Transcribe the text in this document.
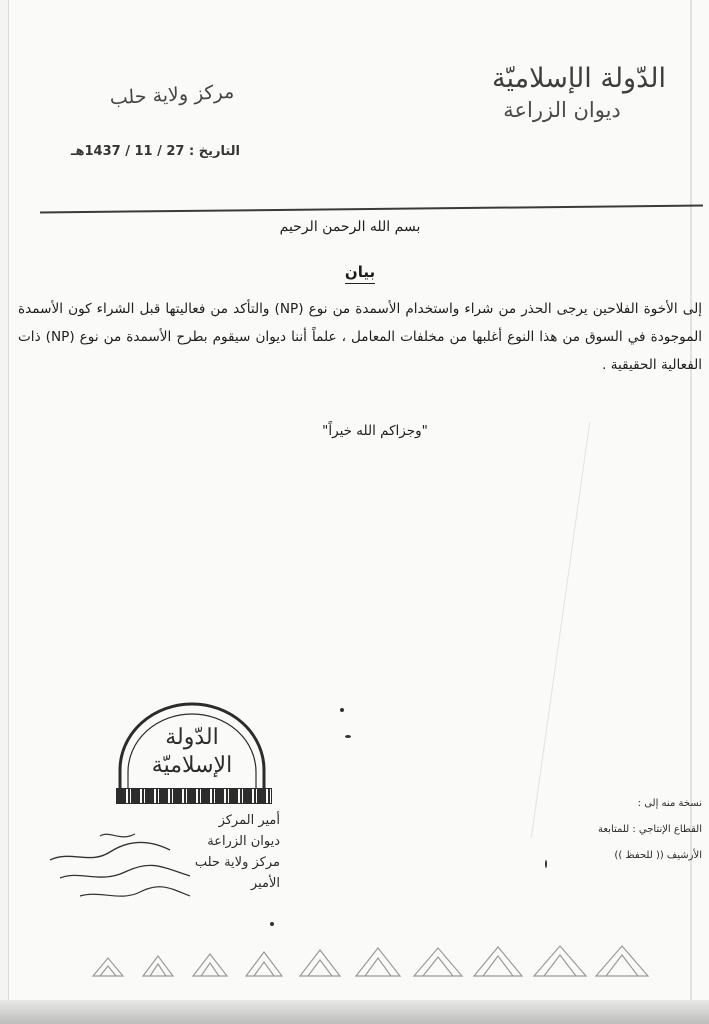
الدّولة الإسلاميّة
ديوان الزراعة
مركز ولاية حلب
التاريخ : 27 / 11 / 1437هـ
بسم الله الرحمن الرحيم
بيان
إلى الأخوة الفلاحين يرجى الحذر من شراء واستخدام الأسمدة من نوع (NP) والتأكد من فعاليتها قبل الشراء كون الأسمدة الموجودة في السوق من هذا النوع أغلبها من مخلفات المعامل ، علماً أننا ديوان سيقوم بطرح الأسمدة من نوع (NP) ذات الفعالية الحقيقية .
"وجزاكم الله خيراً"
الدّولة
الإسلاميّة
أمير المركز
ديوان الزراعة
مركز ولاية حلب
الأمير
نسخة منه إلى :
القطاع الإنتاجي : للمتابعة
الأرشيف (( للحفظ ))
